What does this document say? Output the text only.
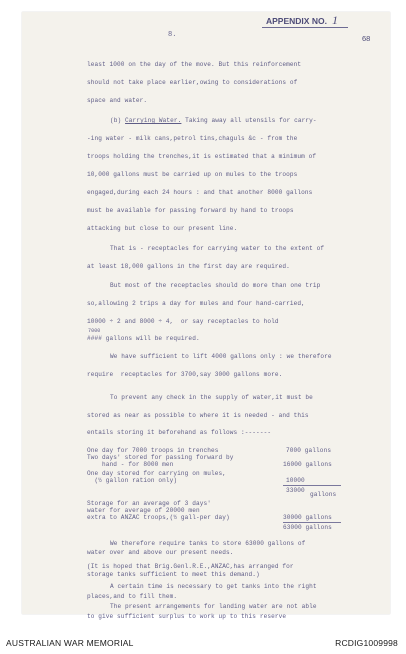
APPENDIX NO. 1
68
8.
least 1000 on the day of the move. But this reinforcement
should not take place earlier,owing to considerations of
space and water.
(b) Carrying Water. Taking away all utensils for carry-
-ing water - milk cans,petrol tins,chaguls &c - from the
troops holding the trenches,it is estimated that a minimum of
10,000 gallons must be carried up on mules to the troops
engaged,during each 24 hours : and that another 8000 gallons
must be available for passing forward by hand to troops
attacking but close to our present line.
That is - receptacles for carrying water to the extent of
at least 18,000 gallons in the first day are required.
But most of the receptacles should do more than one trip
so,allowing 2 trips a day for mules and four hand-carried,
10000 ÷ 2 and 8000 ÷ 4,  or say receptacles to hold
7000
#### gallons will be required.
We have sufficient to lift 4000 gallons only : we therefore
require  receptacles for 3700,say 3000 gallons more.
To prevent any check in the supply of water,it must be
stored as near as possible to where it is needed - and this
entails storing it beforehand as follows :-------
One day for 7000 troops in trenches	7000 gallons
Two days' stored for passing forward by
hand - for 8000 men	16000 gallons
One day stored for carrying on mules,
(½ gallon ration only)	10000
33000
gallons
Storage for an average of 3 days'
water for average of 20000 men
extra to ANZAC troops,(½ gall-per day)	30000 gallons
63000 gallons
We therefore require tanks to store 63000 gallons of
water over and above our present needs.
(It is hoped that Brig.Genl.R.E.,ANZAC,has arranged for
storage tanks sufficient to meet this demand.)
A certain time is necessary to get tanks into the right
places,and to fill them.
The present arrangements for landing water are not able
to give sufficient surplus to work up to this reserve
AUSTRALIAN WAR MEMORIAL	RCDIG1009998
